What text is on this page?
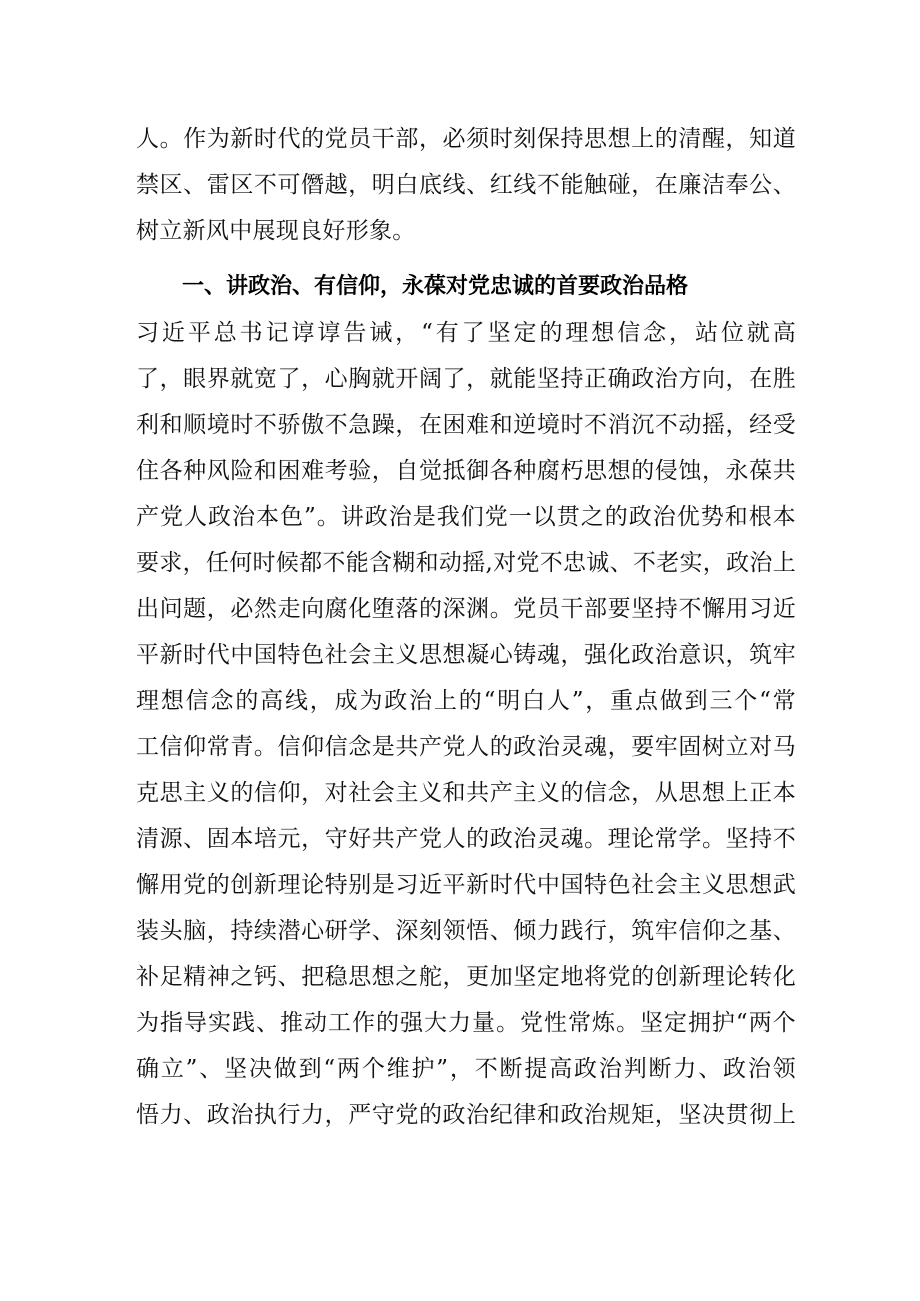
人。作为新时代的党员干部，必须时刻保持思想上的清醒，知道
禁区、雷区不可僭越，明白底线、红线不能触碰，在廉洁奉公、
树立新风中展现良好形象。
一、讲政治、有信仰，永葆对党忠诚的首要政治品格
习近平总书记谆谆告诫，“有了坚定的理想信念，站位就高
了，眼界就宽了，心胸就开阔了，就能坚持正确政治方向，在胜
利和顺境时不骄傲不急躁，在困难和逆境时不消沉不动摇，经受
住各种风险和困难考验，自觉抵御各种腐朽思想的侵蚀，永葆共
产党人政治本色”。讲政治是我们党一以贯之的政治优势和根本
要求，任何时候都不能含糊和动摇,对党不忠诚、不老实，政治上
出问题，必然走向腐化堕落的深渊。党员干部要坚持不懈用习近
平新时代中国特色社会主义思想凝心铸魂，强化政治意识，筑牢
理想信念的高线，成为政治上的“明白人”，重点做到三个“常
工信仰常青。信仰信念是共产党人的政治灵魂，要牢固树立对马
克思主义的信仰，对社会主义和共产主义的信念，从思想上正本
清源、固本培元，守好共产党人的政治灵魂。理论常学。坚持不
懈用党的创新理论特别是习近平新时代中国特色社会主义思想武
装头脑，持续潜心研学、深刻领悟、倾力践行，筑牢信仰之基、
补足精神之钙、把稳思想之舵，更加坚定地将党的创新理论转化
为指导实践、推动工作的强大力量。党性常炼。坚定拥护“两个
确立”、坚决做到“两个维护”，不断提高政治判断力、政治领
悟力、政治执行力，严守党的政治纪律和政治规矩，坚决贯彻上
